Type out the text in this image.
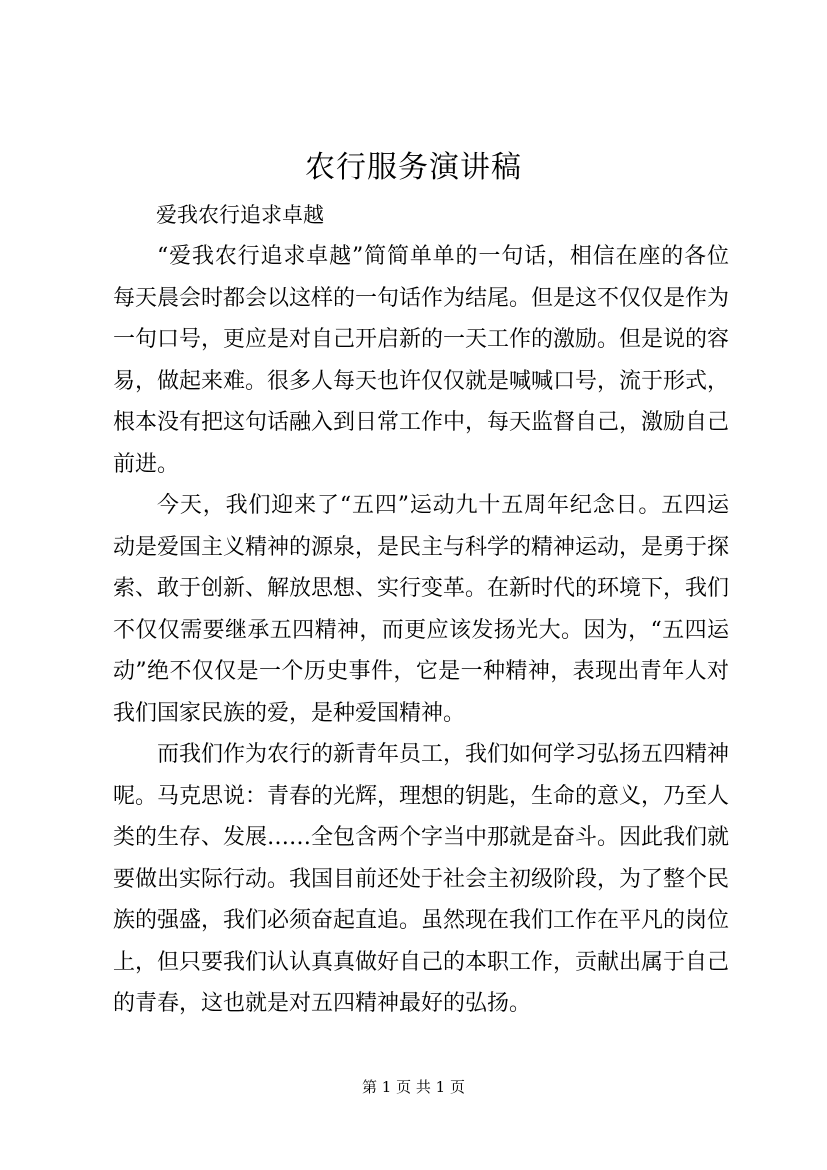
农行服务演讲稿

爱我农行追求卓越

“爱我农行追求卓越”简简单单的一句话，相信在座的各位每天晨会时都会以这样的一句话作为结尾。但是这不仅仅是作为一句口号，更应是对自己开启新的一天工作的激励。但是说的容易，做起来难。很多人每天也许仅仅就是喊喊口号，流于形式，根本没有把这句话融入到日常工作中，每天监督自己，激励自己前进。

今天，我们迎来了“五四”运动九十五周年纪念日。五四运动是爱国主义精神的源泉，是民主与科学的精神运动，是勇于探索、敢于创新、解放思想、实行变革。在新时代的环境下，我们不仅仅需要继承五四精神，而更应该发扬光大。因为，“五四运动”绝不仅仅是一个历史事件，它是一种精神，表现出青年人对我们国家民族的爱，是种爱国精神。

而我们作为农行的新青年员工，我们如何学习弘扬五四精神呢。马克思说：青春的光辉，理想的钥匙，生命的意义，乃至人类的生存、发展……全包含两个字当中那就是奋斗。因此我们就要做出实际行动。我国目前还处于社会主初级阶段，为了整个民族的强盛，我们必须奋起直追。虽然现在我们工作在平凡的岗位上，但只要我们认认真真做好自己的本职工作，贡献出属于自己的青春，这也就是对五四精神最好的弘扬。

第 1 页 共 1 页
